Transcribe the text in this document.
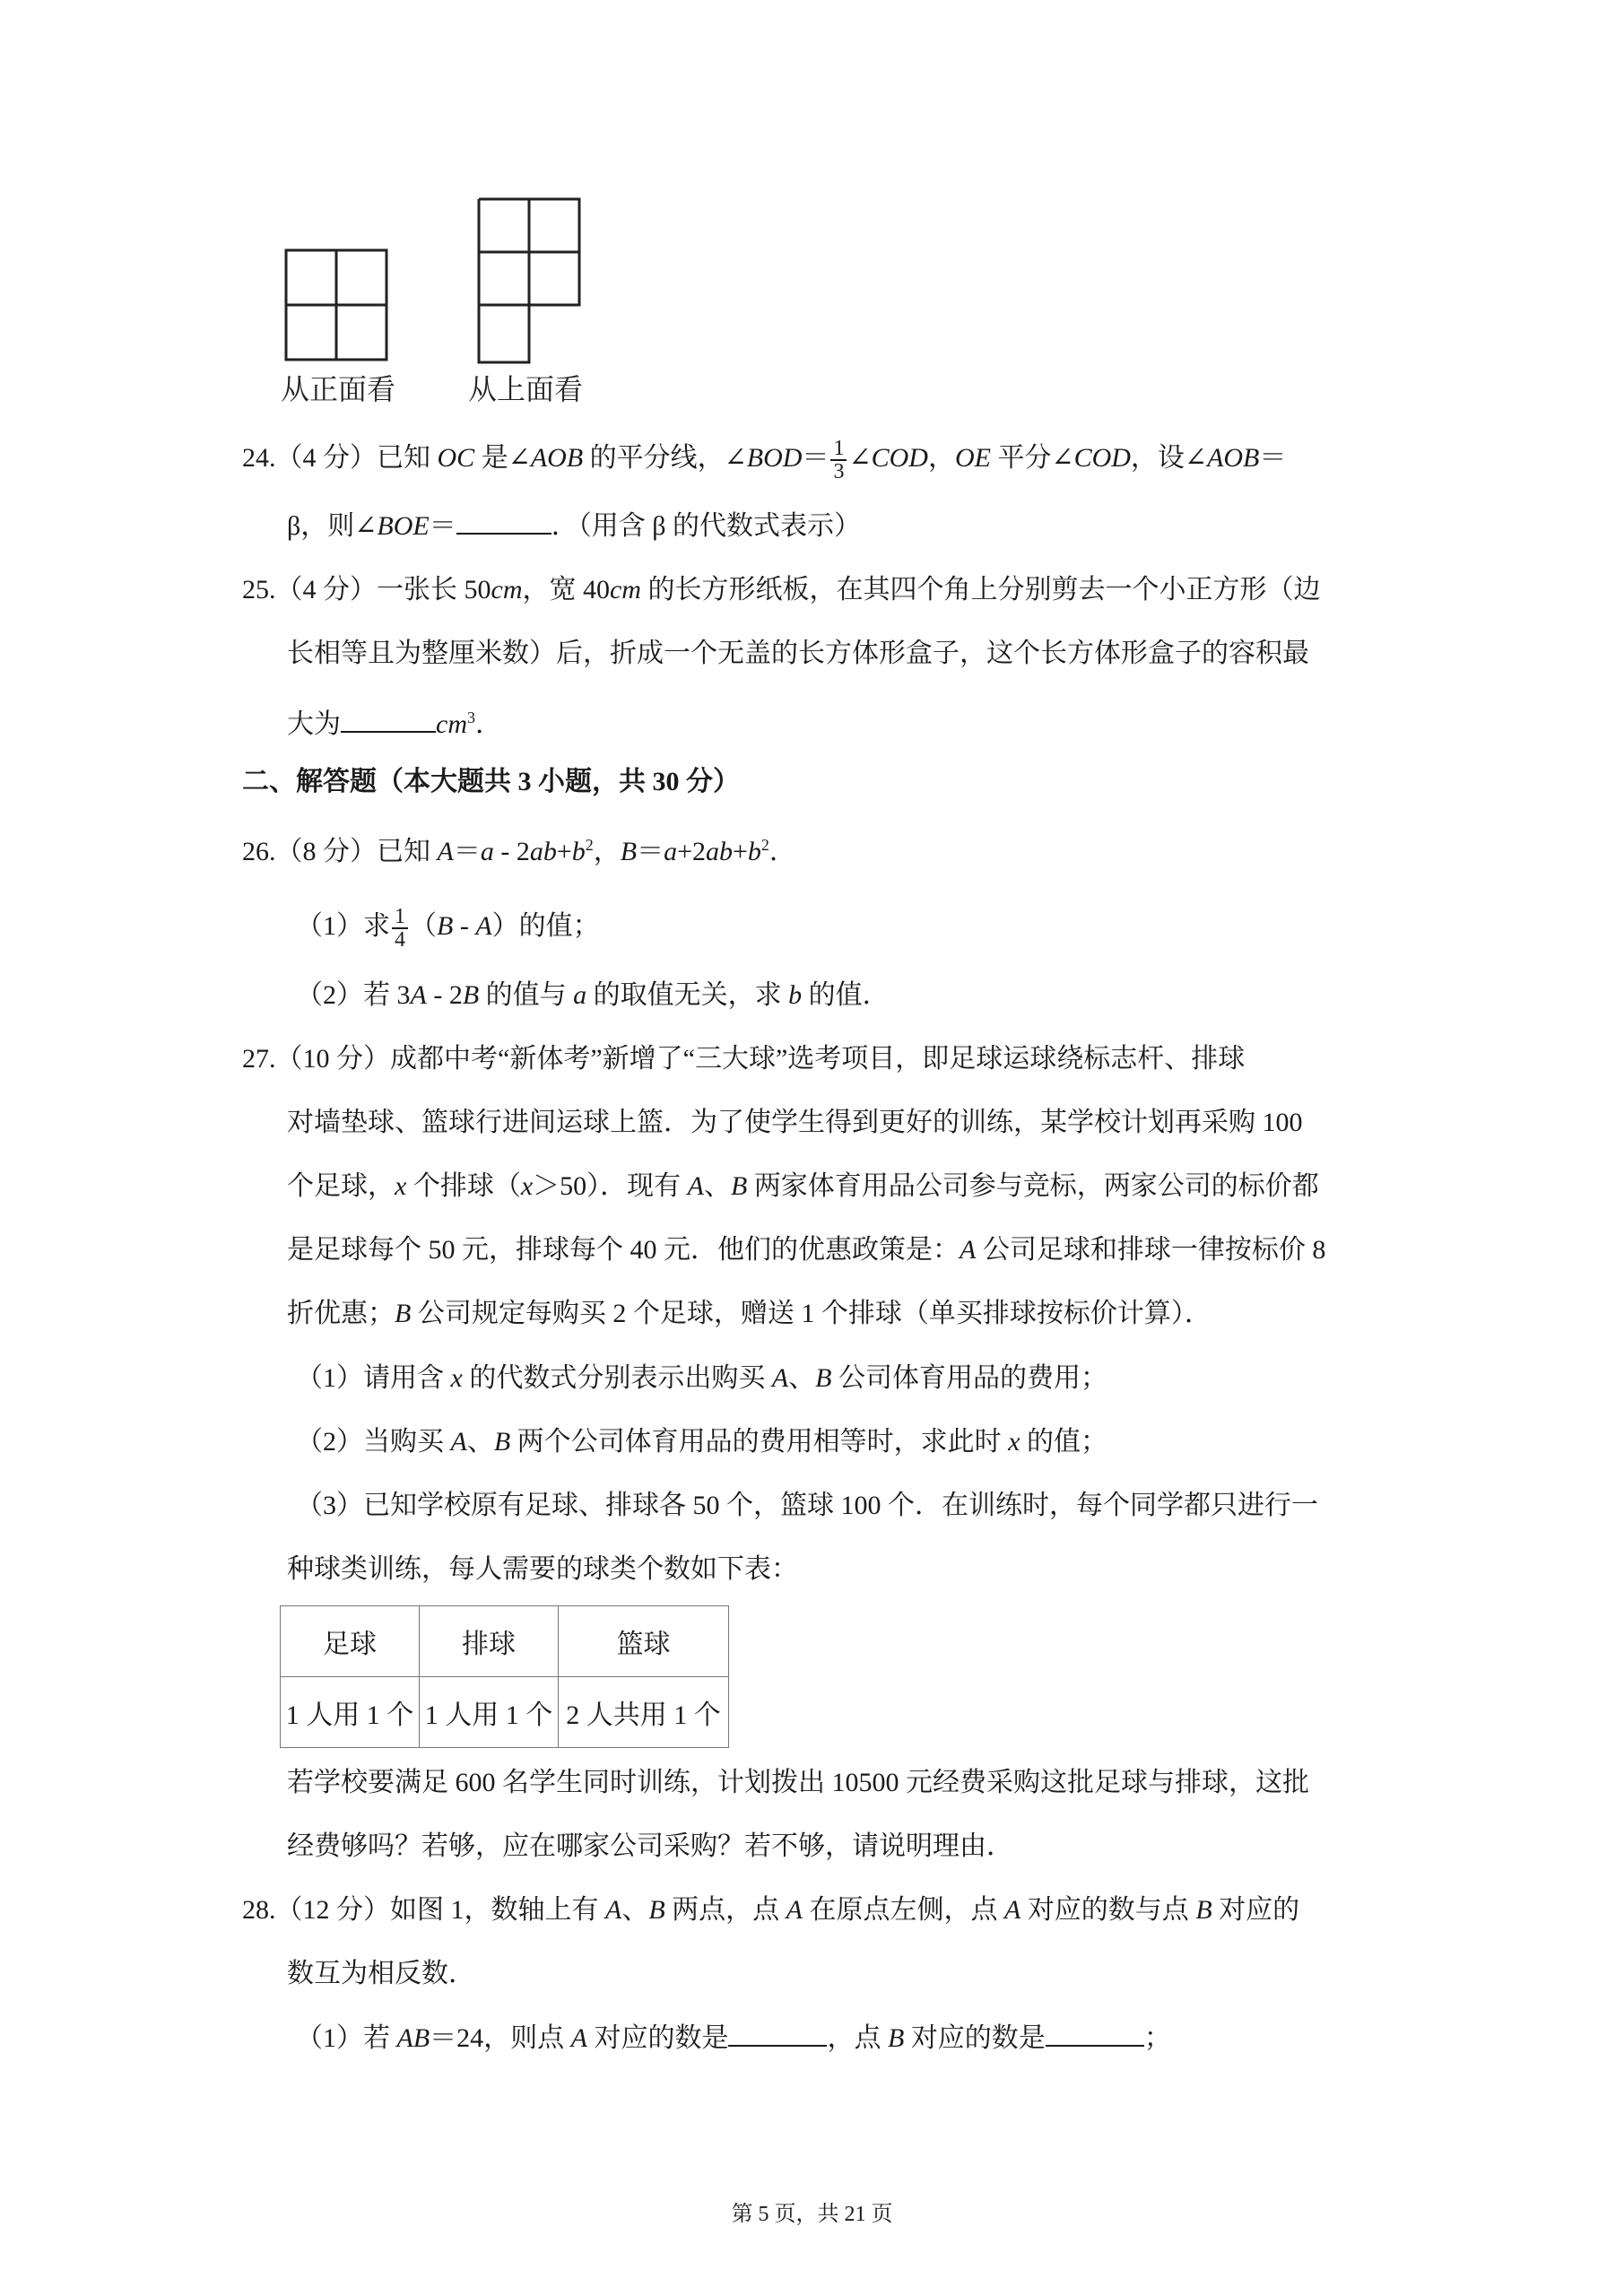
从正面看	从上面看
24.（4 分）已知 OC 是∠AOB 的平分线，∠BOD＝ $\frac{1}{3}$ ∠COD，OE 平分∠COD，设∠AOB＝
β，则∠BOE＝	．（用含 β 的代数式表示）
25.（4 分）一张长 50cm，宽 40cm 的长方形纸板，在其四个角上分别剪去一个小正方形（边
长相等且为整厘米数）后，折成一个无盖的长方体形盒子，这个长方体形盒子的容积最
大为	$cm^3$．
二、解答题（本大题共 3 小题，共 30 分）
26.（8 分）已知 A＝a ‐ $2ab+b^2$，$B=a+2ab+b^2$．
（1）求 $\frac{1}{4} (B$ ‐ A）的值；
（2）若 3A ‐ 2B 的值与 a 的取值无关，求 b 的值．
27.（10 分）成都中考“新体考”新增了“三大球”选考项目，即足球运球绕标志杆、排球
对墙垫球、篮球行进间运球上篮．为了使学生得到更好的训练，某学校计划再采购 100
个足球，x 个排球（x＞50）．现有 A、B 两家体育用品公司参与竞标，两家公司的标价都
是足球每个 50 元，排球每个 40 元．他们的优惠政策是：A 公司足球和排球一律按标价 8
折优惠；B 公司规定每购买 2 个足球，赠送 1 个排球（单买排球按标价计算）．
（1）请用含 x 的代数式分别表示出购买 A、B 公司体育用品的费用；
（2）当购买 A、B 两个公司体育用品的费用相等时，求此时 x 的值；
（3）已知学校原有足球、排球各 50 个，篮球 100 个．在训练时，每个同学都只进行一
种球类训练，每人需要的球类个数如下表：
足球	排球	篮球
1 人用 1 个	1 人用 1 个	2 人共用 1 个
若学校要满足 600 名学生同时训练，计划拨出 10500 元经费采购这批足球与排球，这批
经费够吗？若够，应在哪家公司采购？若不够，请说明理由．
28.（12 分）如图 1，数轴上有 A、B 两点，点 A 在原点左侧，点 A 对应的数与点 B 对应的
数互为相反数．
（1）若 AB＝24，则点 A 对应的数是	，点 B 对应的数是	；
第 5 页，共 21 页
